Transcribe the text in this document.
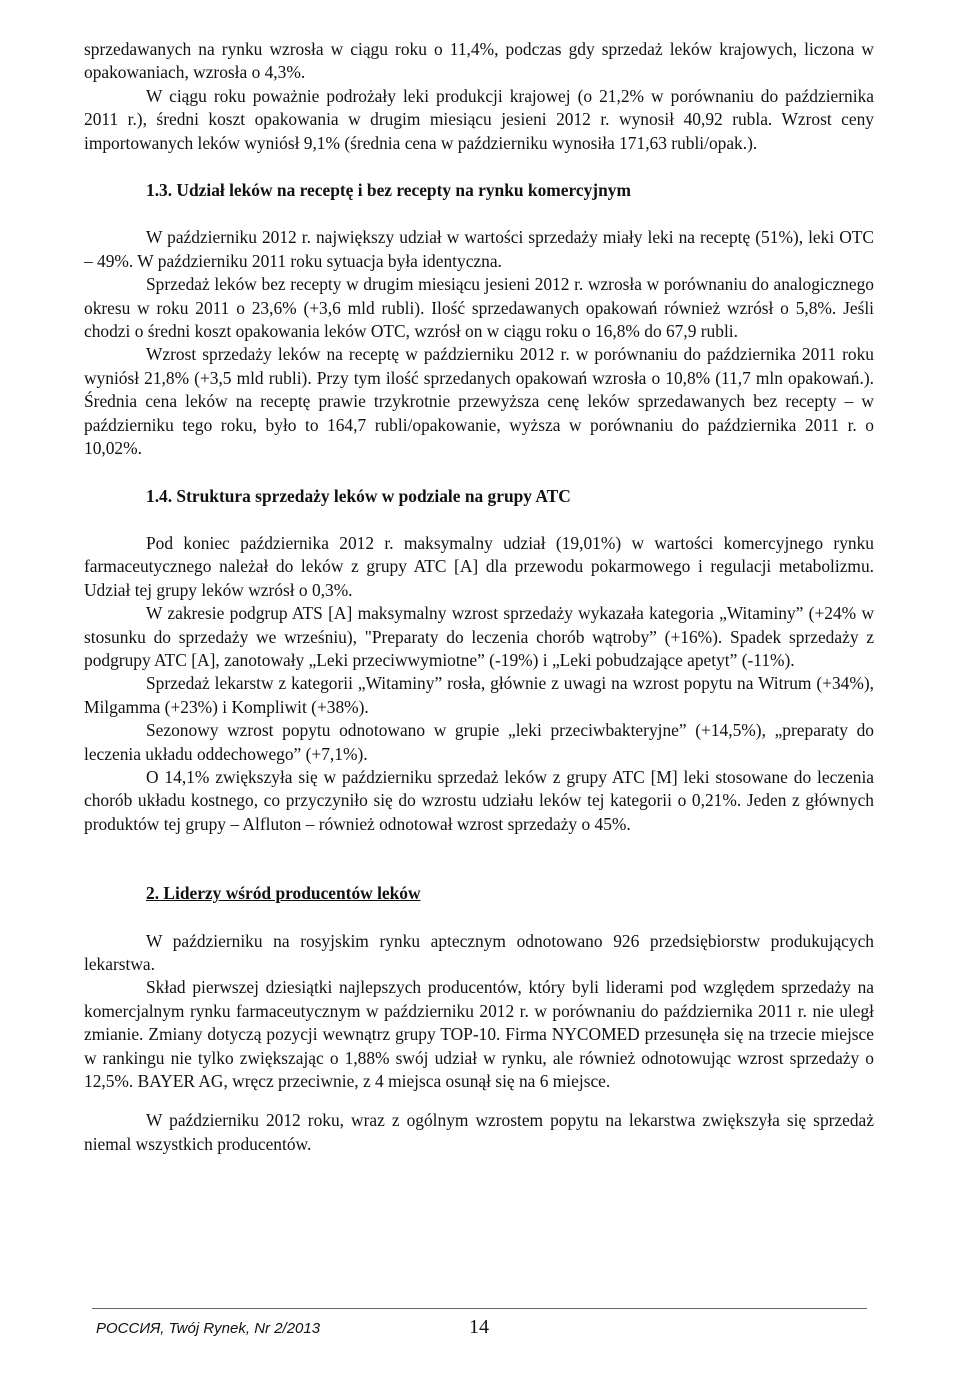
sprzedawanych na rynku wzrosła w ciągu roku o 11,4%, podczas gdy sprzedaż leków krajowych, liczona w opakowaniach, wzrosła o 4,3%.

W ciągu roku poważnie podrożały leki produkcji krajowej (o 21,2% w porównaniu do października 2011 r.), średni koszt opakowania w drugim miesiącu jesieni 2012 r. wynosił 40,92 rubla. Wzrost ceny importowanych leków wyniósł 9,1% (średnia cena w październiku wynosiła 171,63 rubli/opak.).

1.3. Udział leków na receptę i bez recepty na rynku komercyjnym

W październiku 2012 r. największy udział w wartości sprzedaży miały leki na receptę (51%), leki OTC – 49%. W październiku 2011 roku sytuacja była identyczna.

Sprzedaż leków bez recepty w drugim miesiącu jesieni 2012 r. wzrosła w porównaniu do analogicznego okresu w roku 2011 o 23,6% (+3,6 mld rubli). Ilość sprzedawanych opakowań również wzrósł o 5,8%. Jeśli chodzi o średni koszt opakowania leków OTC, wzrósł on w ciągu roku o 16,8% do 67,9 rubli.

Wzrost sprzedaży leków na receptę w październiku 2012 r. w porównaniu do października 2011 roku wyniósł 21,8% (+3,5 mld rubli). Przy tym ilość sprzedanych opakowań wzrosła o 10,8% (11,7 mln opakowań.). Średnia cena leków na receptę prawie trzykrotnie przewyższa cenę leków sprzedawanych bez recepty – w październiku tego roku, było to 164,7 rubli/opakowanie, wyższa w porównaniu do października 2011 r. o 10,02%.

1.4. Struktura sprzedaży leków w podziale na grupy ATC

Pod koniec października 2012 r. maksymalny udział (19,01%) w wartości komercyjnego rynku farmaceutycznego należał do leków z grupy ATC [A] dla przewodu pokarmowego i regulacji metabolizmu. Udział tej grupy leków wzrósł o 0,3%.

W zakresie podgrup ATS [A] maksymalny wzrost sprzedaży wykazała kategoria „Witaminy” (+24% w stosunku do sprzedaży we wrześniu), "Preparaty do leczenia chorób wątroby” (+16%). Spadek sprzedaży z podgrupy ATC [A], zanotowały „Leki przeciwwymiotne” (-19%) i „Leki pobudzające apetyt” (-11%).

Sprzedaż lekarstw z kategorii „Witaminy” rosła, głównie z uwagi na wzrost popytu na Witrum (+34%), Milgamma (+23%) i Kompliwit (+38%).

Sezonowy wzrost popytu odnotowano w grupie „leki przeciwbakteryjne” (+14,5%), „preparaty do leczenia układu oddechowego” (+7,1%).

O 14,1% zwiększyła się w październiku sprzedaż leków z grupy ATC [M] leki stosowane do leczenia chorób układu kostnego, co przyczyniło się do wzrostu udziału leków tej kategorii o 0,21%. Jeden z głównych produktów tej grupy – Alfluton – również odnotował wzrost sprzedaży o 45%.

2. Liderzy wśród producentów leków

W październiku na rosyjskim rynku aptecznym odnotowano 926 przedsiębiorstw produkujących lekarstwa.

Skład pierwszej dziesiątki najlepszych producentów, który byli liderami pod względem sprzedaży na komercjalnym rynku farmaceutycznym w październiku 2012 r. w porównaniu do października 2011 r. nie uległ zmianie. Zmiany dotyczą pozycji wewnątrz grupy TOP-10. Firma NYCOMED przesunęła się na trzecie miejsce w rankingu nie tylko zwiększając o 1,88% swój udział w rynku, ale również odnotowując wzrost sprzedaży o 12,5%. BAYER AG, wręcz przeciwnie, z 4 miejsca osunął się na 6 miejsce.

W październiku 2012 roku, wraz z ogólnym wzrostem popytu na lekarstwa zwiększyła się sprzedaż niemal wszystkich producentów.

РОССИЯ, Twój Rynek, Nr 2/2013	14
